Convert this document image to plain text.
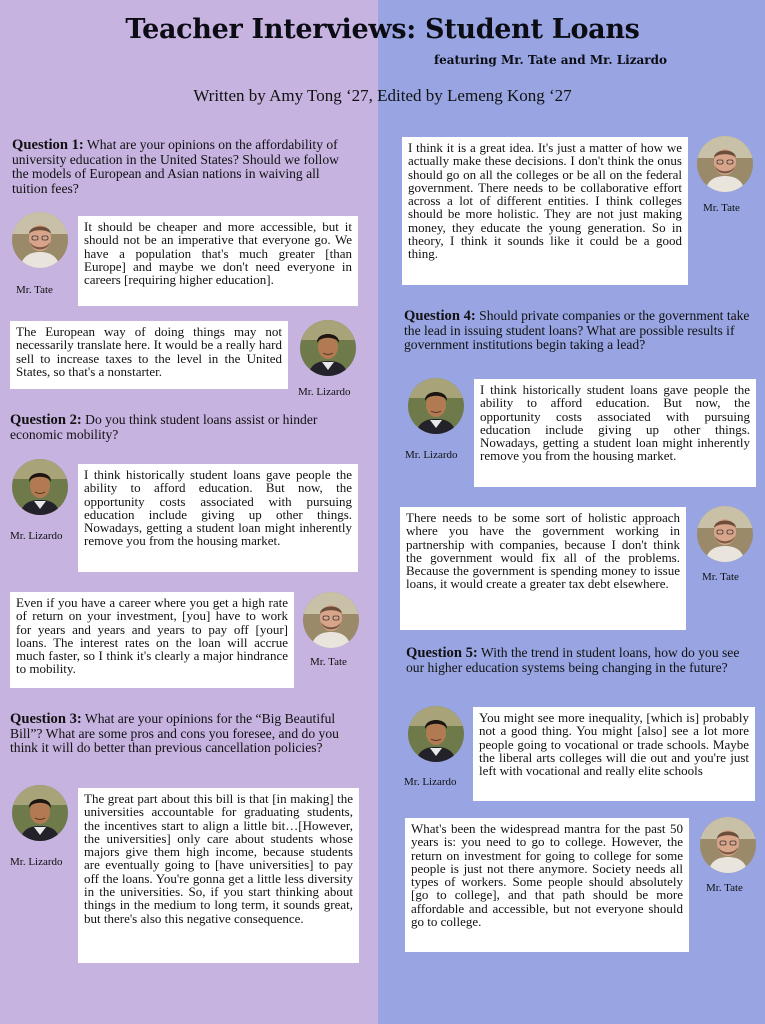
Teacher Interviews: Student Loans
featuring Mr. Tate and Mr. Lizardo
Written by Amy Tong ‘27, Edited by Lemeng Kong ‘27
Question 1: What are your opinions on the affordability of university education in the United States? Should we follow the models of European and Asian nations in waiving all tuition fees?
Mr. Tate
It should be cheaper and more accessible, but it should not be an imperative that everyone go. We have a population that's much greater [than Europe] and maybe we don't need everyone in careers [requiring higher education].
The European way of doing things may not necessarily translate here. It would be a really hard sell to increase taxes to the level in the United States, so that's a nonstarter.
Mr. Lizardo
Question 2: Do you think student loans assist or hinder economic mobility?
Mr. Lizardo
I think historically student loans gave people the ability to afford education. But now, the opportunity costs associated with pursuing education include giving up other things. Nowadays, getting a student loan might inherently remove you from the housing market.
Even if you have a career where you get a high rate of return on your investment, [you] have to work for years and years and years to pay off [your] loans. The interest rates on the loan will accrue much faster, so I think it's clearly a major hindrance to mobility.	Mr. Tate
Question 3: What are your opinions for the “Big Beautiful Bill”? What are some pros and cons you foresee, and do you think it will do better than previous cancellation policies?
Mr. Lizardo
The great part about this bill is that [in making] the universities accountable for graduating students, the incentives start to align a little bit…[However, the universities] only care about students whose majors give them high income, because students are eventually going to [have universities] to pay off the loans. You're gonna get a little less diversity in the universities. So, if you start thinking about things in the medium to long term, it sounds great, but there's also this negative consequence.
I think it is a great idea. It's just a matter of how we actually make these decisions. I don't think the onus should go on all the colleges or be all on the federal government. There needs to be collaborative effort across a lot of different entities. I think colleges should be more holistic. They are not just making money, they educate the young generation. So in theory, I think it sounds like it could be a good thing.
Mr. Tate
Question 4: Should private companies or the government take the lead in issuing student loans? What are possible results if government institutions begin taking a lead?
Mr. Lizardo
I think historically student loans gave people the ability to afford education. But now, the opportunity costs associated with pursuing education include giving up other things. Nowadays, getting a student loan might inherently remove you from the housing market.
There needs to be some sort of holistic approach where you have the government working in partnership with companies, because I don't think the government would fix all of the problems. Because the government is spending money to issue loans, it would create a greater tax debt elsewhere.	Mr. Tate
Question 5: With the trend in student loans, how do you see our higher education systems being changing in the future?
Mr. Lizardo
You might see more inequality, [which is] probably not a good thing. You might [also] see a lot more people going to vocational or trade schools. Maybe the liberal arts colleges will die out and you're just left with vocational and really elite schools
What's been the widespread mantra for the past 50 years is: you need to go to college. However, the return on investment for going to college for some people is just not there anymore. Society needs all types of workers. Some people should absolutely [go to college], and that path should be more affordable and accessible, but not everyone should go to college.
Mr. Tate
